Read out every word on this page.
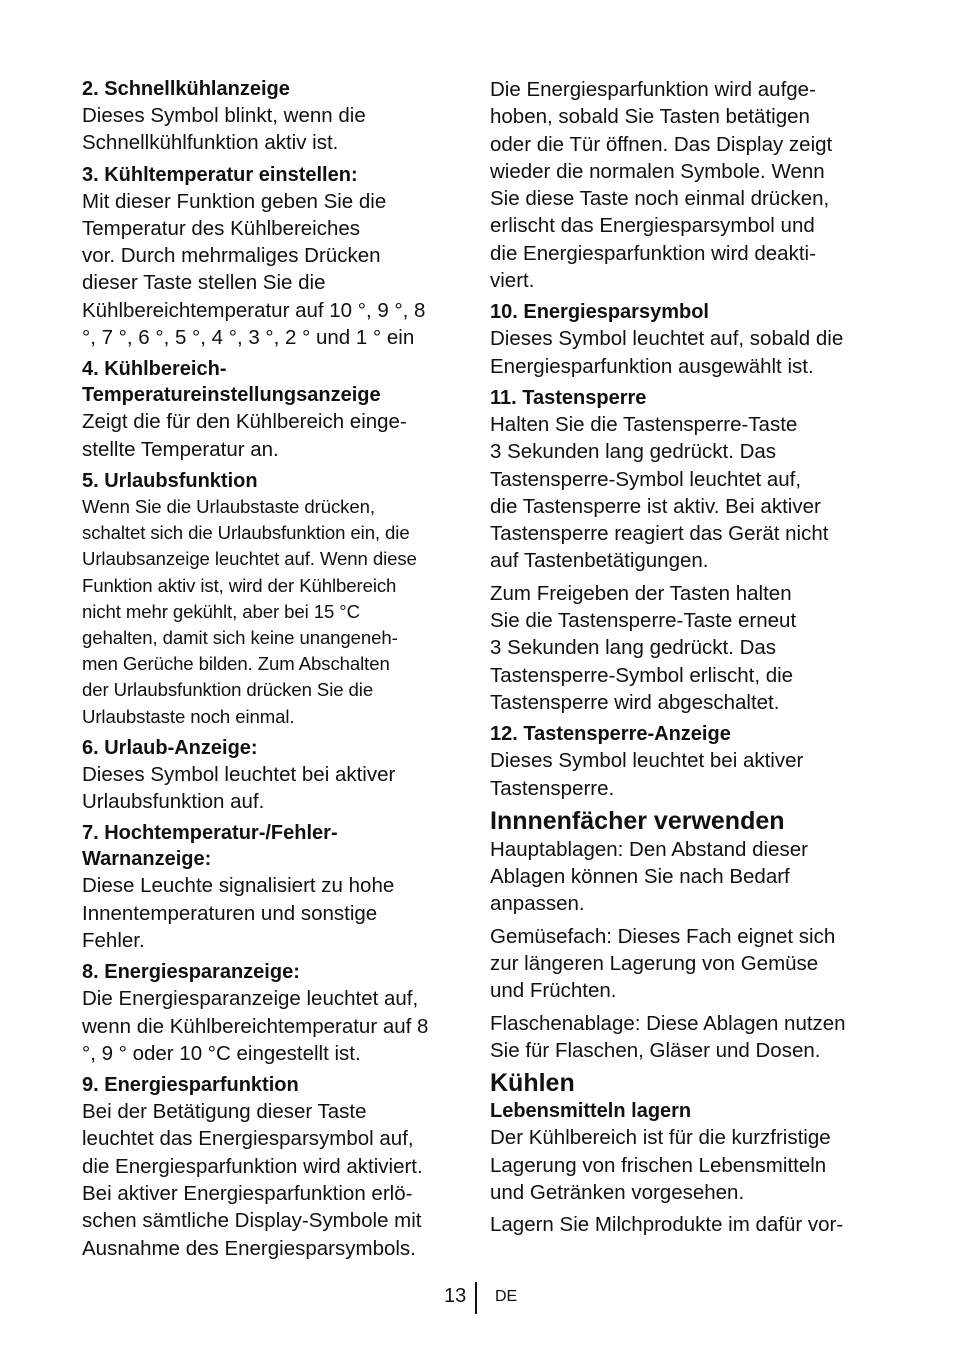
2. Schnellkühlanzeige

Dieses Symbol blinkt, wenn die

Schnellkühlfunktion aktiv ist.

3. Kühltemperatur einstellen:

Mit dieser Funktion geben Sie die

Temperatur des Kühlbereiches

vor. Durch mehrmaliges Drücken

dieser Taste stellen Sie die

Kühlbereichtemperatur auf 10 °, 9 °, 8

°, 7 °, 6 °, 5 °, 4 °, 3 °, 2 ° und 1 ° ein

4. Kühlbereich-

Temperatureinstellungsanzeige

Zeigt die für den Kühlbereich einge-

stellte Temperatur an.

5. Urlaubsfunktion

Wenn Sie die Urlaubstaste drücken,

schaltet sich die Urlaubsfunktion ein, die

Urlaubsanzeige leuchtet auf. Wenn diese

Funktion aktiv ist, wird der Kühlbereich

nicht mehr gekühlt, aber bei 15 °C

gehalten, damit sich keine unangeneh-

men Gerüche bilden. Zum Abschalten

der Urlaubsfunktion drücken Sie die

Urlaubstaste noch einmal.

6. Urlaub-Anzeige:

Dieses Symbol leuchtet bei aktiver

Urlaubsfunktion auf.

7. Hochtemperatur-/Fehler-

Warnanzeige:

Diese Leuchte signalisiert zu hohe

Innentemperaturen und sonstige

Fehler.

8. Energiesparanzeige:

Die Energiesparanzeige leuchtet auf,

wenn die Kühlbereichtemperatur auf 8

°, 9 ° oder 10 °C eingestellt ist.

9. Energiesparfunktion

Bei der Betätigung dieser Taste

leuchtet das Energiesparsymbol auf,

die Energiesparfunktion wird aktiviert.

Bei aktiver Energiesparfunktion erlö-

schen sämtliche Display-Symbole mit

Ausnahme des Energiesparsymbols.

Die Energiesparfunktion wird aufge-

hoben, sobald Sie Tasten betätigen

oder die Tür öffnen. Das Display zeigt

wieder die normalen Symbole. Wenn

Sie diese Taste noch einmal drücken,

erlischt das Energiesparsymbol und

die Energiesparfunktion wird deakti-

viert.

10. Energiesparsymbol

Dieses Symbol leuchtet auf, sobald die

Energiesparfunktion ausgewählt ist.

11. Tastensperre

Halten Sie die Tastensperre-Taste

3 Sekunden lang gedrückt. Das

Tastensperre-Symbol leuchtet auf,

die Tastensperre ist aktiv. Bei aktiver

Tastensperre reagiert das Gerät nicht

auf Tastenbetätigungen.

Zum Freigeben der Tasten halten

Sie die Tastensperre-Taste erneut

3 Sekunden lang gedrückt. Das

Tastensperre-Symbol erlischt, die

Tastensperre wird abgeschaltet.

12. Tastensperre-Anzeige

Dieses Symbol leuchtet bei aktiver

Tastensperre.

Innnenfächer verwenden

Hauptablagen: Den Abstand dieser

Ablagen können Sie nach Bedarf

anpassen.

Gemüsefach: Dieses Fach eignet sich

zur längeren Lagerung von Gemüse

und Früchten.

Flaschenablage: Diese Ablagen nutzen

Sie für Flaschen, Gläser und Dosen.

Kühlen

Lebensmitteln lagern

Der Kühlbereich ist für die kurzfristige

Lagerung von frischen Lebensmitteln

und Getränken vorgesehen.

Lagern Sie Milchprodukte im dafür vor-

13 DE
